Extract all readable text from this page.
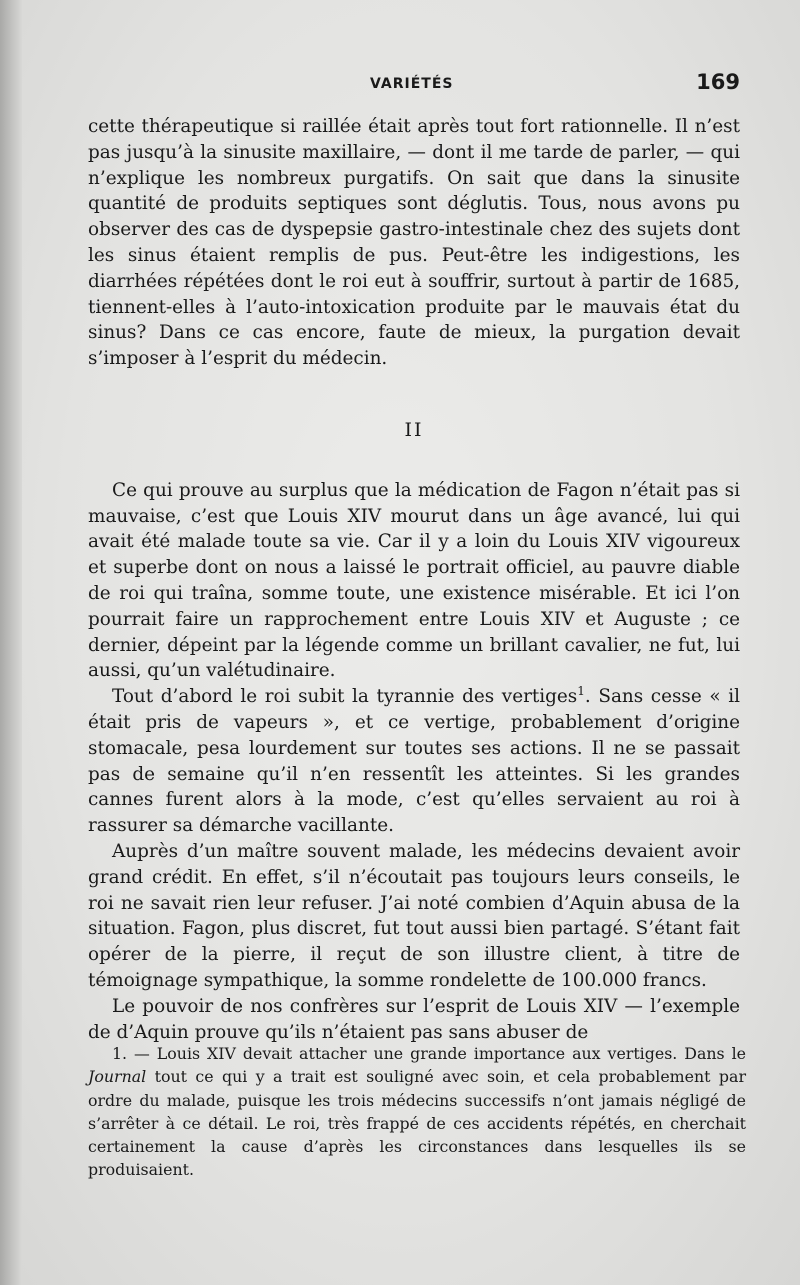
VARIÉTÉS	169

cette thérapeutique si raillée était après tout fort rationnelle. Il n’est pas jusqu’à la sinusite maxillaire, — dont il me tarde de parler, — qui n’explique les nombreux purgatifs. On sait que dans la sinusite quantité de produits septiques sont déglutis. Tous, nous avons pu observer des cas de dyspepsie gastro-intestinale chez des sujets dont les sinus étaient remplis de pus. Peut-être les indigestions, les diarrhées répétées dont le roi eut à souffrir, surtout à partir de 1685, tiennent-elles à l’auto-intoxication produite par le mauvais état du sinus? Dans ce cas encore, faute de mieux, la purgation devait s’imposer à l’esprit du médecin.

II

Ce qui prouve au surplus que la médication de Fagon n’était pas si mauvaise, c’est que Louis XIV mourut dans un âge avancé, lui qui avait été malade toute sa vie. Car il y a loin du Louis XIV vigoureux et superbe dont on nous a laissé le portrait officiel, au pauvre diable de roi qui traîna, somme toute, une existence misérable. Et ici l’on pourrait faire un rapprochement entre Louis XIV et Auguste ; ce dernier, dépeint par la légende comme un brillant cavalier, ne fut, lui aussi, qu’un valétudinaire.

Tout d’abord le roi subit la tyrannie des vertiges$^1$. Sans cesse « il était pris de vapeurs », et ce vertige, probablement d’origine stomacale, pesa lourdement sur toutes ses actions. Il ne se passait pas de semaine qu’il n’en ressentît les atteintes. Si les grandes cannes furent alors à la mode, c’est qu’elles servaient au roi à rassurer sa démarche vacillante.

Auprès d’un maître souvent malade, les médecins devaient avoir grand crédit. En effet, s’il n’écoutait pas toujours leurs conseils, le roi ne savait rien leur refuser. J’ai noté combien d’Aquin abusa de la situation. Fagon, plus discret, fut tout aussi bien partagé. S’étant fait opérer de la pierre, il reçut de son illustre client, à titre de témoignage sympathique, la somme rondelette de 100.000 francs.

Le pouvoir de nos confrères sur l’esprit de Louis XIV — l’exemple de d’Aquin prouve qu’ils n’étaient pas sans abuser de

1. — Louis XIV devait attacher une grande importance aux vertiges. Dans le Journal tout ce qui y a trait est souligné avec soin, et cela probablement par ordre du malade, puisque les trois médecins successifs n’ont jamais négligé de s’arrêter à ce détail. Le roi, très frappé de ces accidents répétés, en cherchait certainement la cause d’après les circonstances dans lesquelles ils se produisaient.
